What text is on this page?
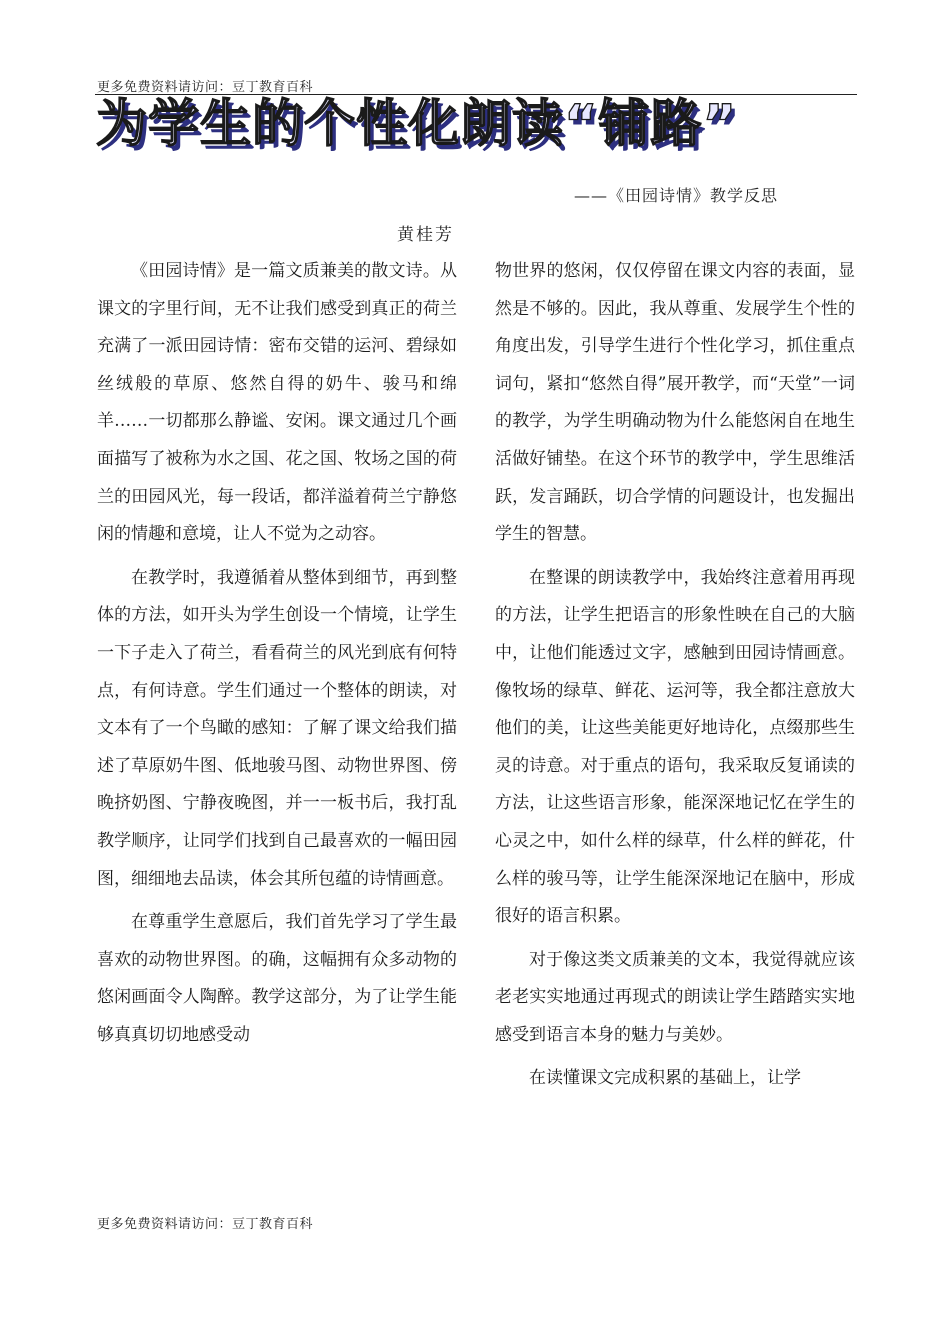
更多免费资料请访问：豆丁教育百科
为学生的个性化朗读“铺路”
——《田园诗情》教学反思
黄桂芳

《田园诗情》是一篇文质兼美的散文诗。从课文的字里行间，无不让我们感受到真正的荷兰充满了一派田园诗情：密布交错的运河、碧绿如丝绒般的草原、悠然自得的奶牛、骏马和绵羊……一切都那么静谧、安闲。课文通过几个画面描写了被称为水之国、花之国、牧场之国的荷兰的田园风光，每一段话，都洋溢着荷兰宁静悠闲的情趣和意境，让人不觉为之动容。

在教学时，我遵循着从整体到细节，再到整体的方法，如开头为学生创设一个情境，让学生一下子走入了荷兰，看看荷兰的风光到底有何特点，有何诗意。学生们通过一个整体的朗读，对文本有了一个鸟瞰的感知：了解了课文给我们描述了草原奶牛图、低地骏马图、动物世界图、傍晚挤奶图、宁静夜晚图，并一一板书后，我打乱教学顺序，让同学们找到自己最喜欢的一幅田园图，细细地去品读，体会其所包蕴的诗情画意。

在尊重学生意愿后，我们首先学习了学生最喜欢的动物世界图。的确，这幅拥有众多动物的悠闲画面令人陶醉。教学这部分，为了让学生能够真真切切地感受动

物世界的悠闲，仅仅停留在课文内容的表面，显然是不够的。因此，我从尊重、发展学生个性的角度出发，引导学生进行个性化学习，抓住重点词句，紧扣“悠然自得”展开教学，而“天堂”一词的教学，为学生明确动物为什么能悠闲自在地生活做好铺垫。在这个环节的教学中，学生思维活跃，发言踊跃，切合学情的问题设计，也发掘出学生的智慧。

在整课的朗读教学中，我始终注意着用再现的方法，让学生把语言的形象性映在自己的大脑中，让他们能透过文字，感触到田园诗情画意。像牧场的绿草、鲜花、运河等，我全都注意放大他们的美，让这些美能更好地诗化，点缀那些生灵的诗意。对于重点的语句，我采取反复诵读的方法，让这些语言形象，能深深地记忆在学生的心灵之中，如什么样的绿草，什么样的鲜花，什么样的骏马等，让学生能深深地记在脑中，形成很好的语言积累。

对于像这类文质兼美的文本，我觉得就应该老老实实地通过再现式的朗读让学生踏踏实实地感受到语言本身的魅力与美妙。

在读懂课文完成积累的基础上，让学

更多免费资料请访问：豆丁教育百科
